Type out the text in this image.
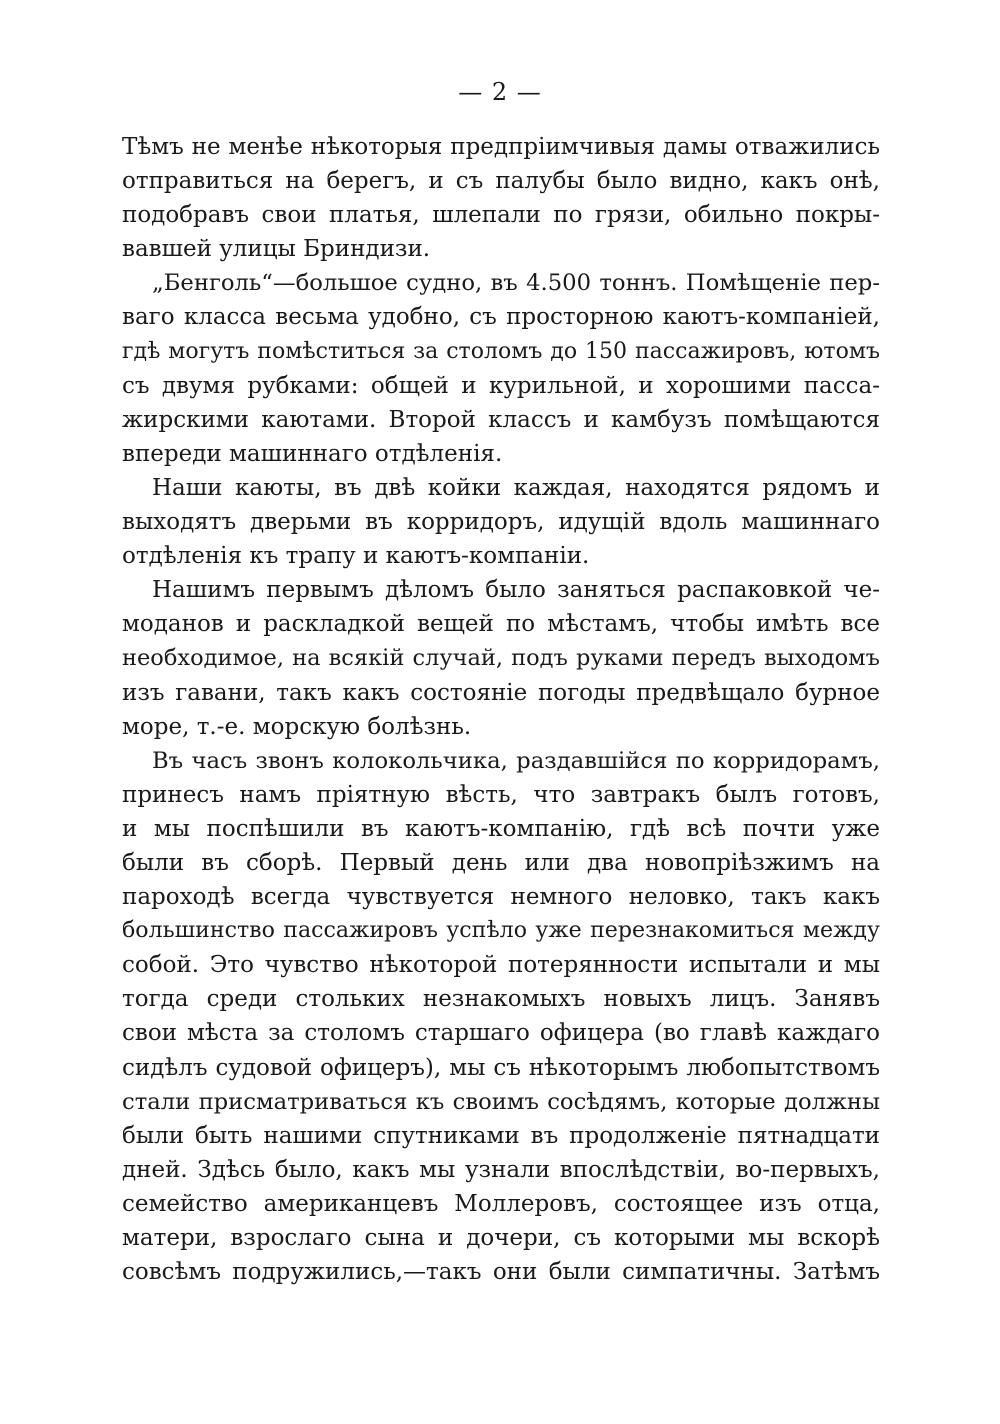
— 2 —

Тѣмъ не менѣе нѣкоторыя предпріимчивыя дамы отважились
отправиться на берегъ, и съ палубы было видно, какъ онѣ,
подобравъ свои платья, шлепали по грязи, обильно покры-
вавшей улицы Бриндизи.

„Бенголь“—большое судно, въ 4.500 тоннъ. Помѣщеніе пер-
ваго класса весьма удобно, съ просторною каютъ-компаніей,
гдѣ могутъ помѣститься за столомъ до 150 пассажировъ, ютомъ
съ двумя рубками: общей и курильной, и хорошими пасса-
жирскими каютами. Второй классъ и камбузъ помѣщаются
впереди машиннаго отдѣленія.

Наши каюты, въ двѣ койки каждая, находятся рядомъ и
выходятъ дверьми въ корридоръ, идущій вдоль машиннаго
отдѣленія къ трапу и каютъ-компаніи.

Нашимъ первымъ дѣломъ было заняться распаковкой че-
моданов и раскладкой вещей по мѣстамъ, чтобы имѣть все
необходимое, на всякій случай, подъ руками передъ выходомъ
изъ гавани, такъ какъ состояніе погоды предвѣщало бурное
море, т.-е. морскую болѣзнь.

Въ часъ звонъ колокольчика, раздавшійся по корридорамъ,
принесъ намъ пріятную вѣсть, что завтракъ былъ готовъ,
и мы поспѣшили въ каютъ-компанію, гдѣ всѣ почти уже
были въ сборѣ. Первый день или два новопріѣзжимъ на
пароходѣ всегда чувствуется немного неловко, такъ какъ
большинство пассажировъ успѣло уже перезнакомиться между
собой. Это чувство нѣкоторой потерянности испытали и мы
тогда среди стольких незнакомыхъ новыхъ лицъ. Занявъ
свои мѣста за столомъ старшаго офицера (во главѣ каждаго
сидѣлъ судовой офицеръ), мы съ нѣкоторымъ любопытствомъ
стали присматриваться къ своимъ сосѣдямъ, которые должны
были быть нашими спутниками въ продолженіе пятнадцати
дней. Здѣсь было, какъ мы узнали впослѣдствіи, во-первыхъ,
семейство американцевъ Моллеровъ, состоящее изъ отца,
матери, взрослаго сына и дочери, съ которыми мы вскорѣ
совсѣмъ подружились,—такъ они были симпатичны. Затѣмъ
